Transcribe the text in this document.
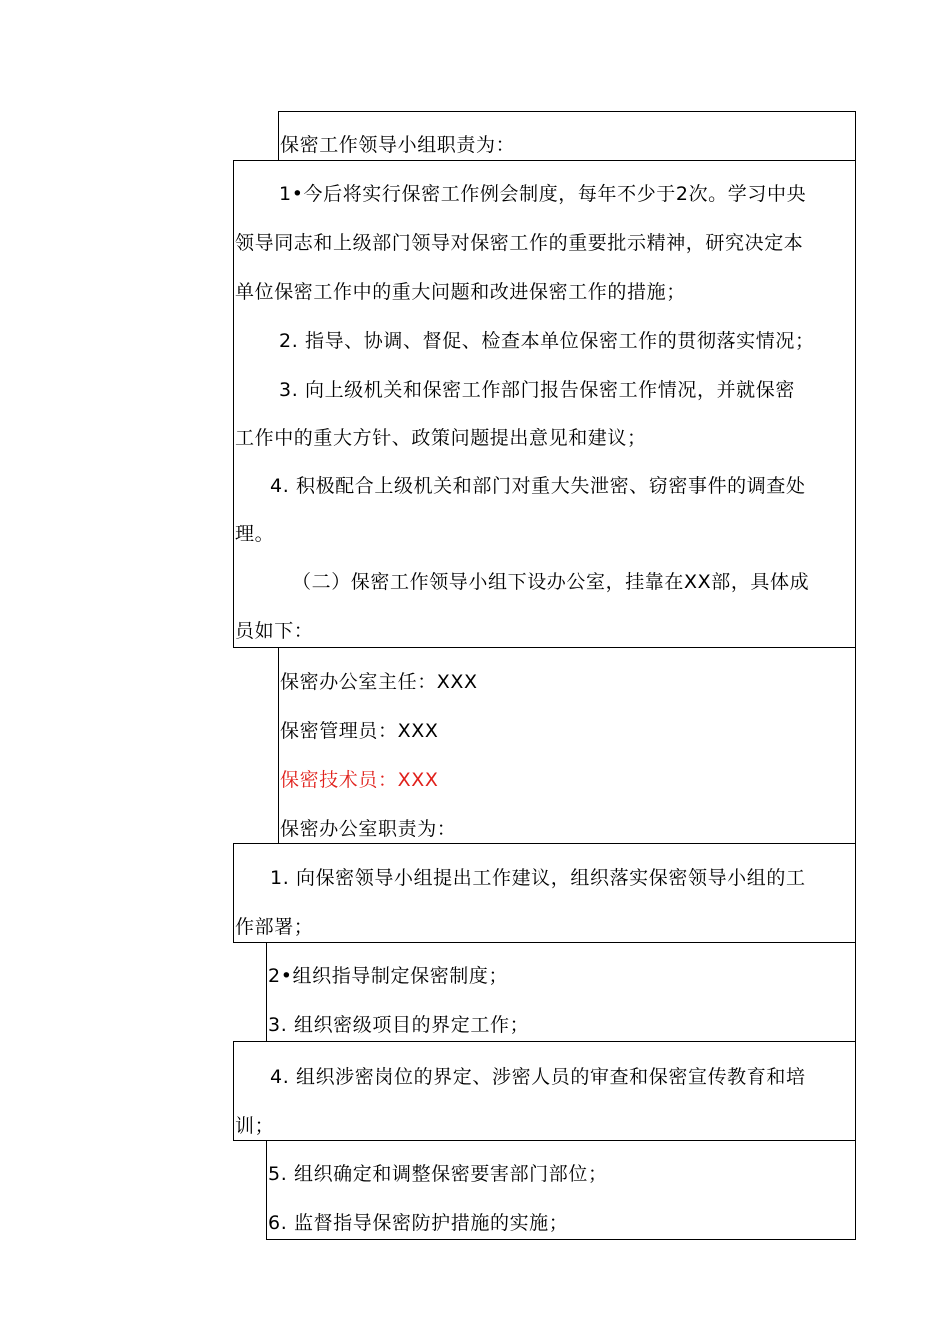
保密工作领导小组职责为：
1•今后将实行保密工作例会制度，每年不少于2次。学习中央
领导同志和上级部门领导对保密工作的重要批示精神，研究决定本
单位保密工作中的重大问题和改进保密工作的措施；
2. 指导、协调、督促、检查本单位保密工作的贯彻落实情况；
3. 向上级机关和保密工作部门报告保密工作情况，并就保密
工作中的重大方针、政策问题提出意见和建议；
4. 积极配合上级机关和部门对重大失泄密、窃密事件的调查处
理。
（二）保密工作领导小组下设办公室，挂靠在XX部，具体成
员如下：
保密办公室主任：XXX
保密管理员：XXX
保密技术员：XXX
保密办公室职责为：
1. 向保密领导小组提出工作建议，组织落实保密领导小组的工
作部署；
2•组织指导制定保密制度；
3. 组织密级项目的界定工作；
4. 组织涉密岗位的界定、涉密人员的审查和保密宣传教育和培
训；
5. 组织确定和调整保密要害部门部位；
6. 监督指导保密防护措施的实施；
